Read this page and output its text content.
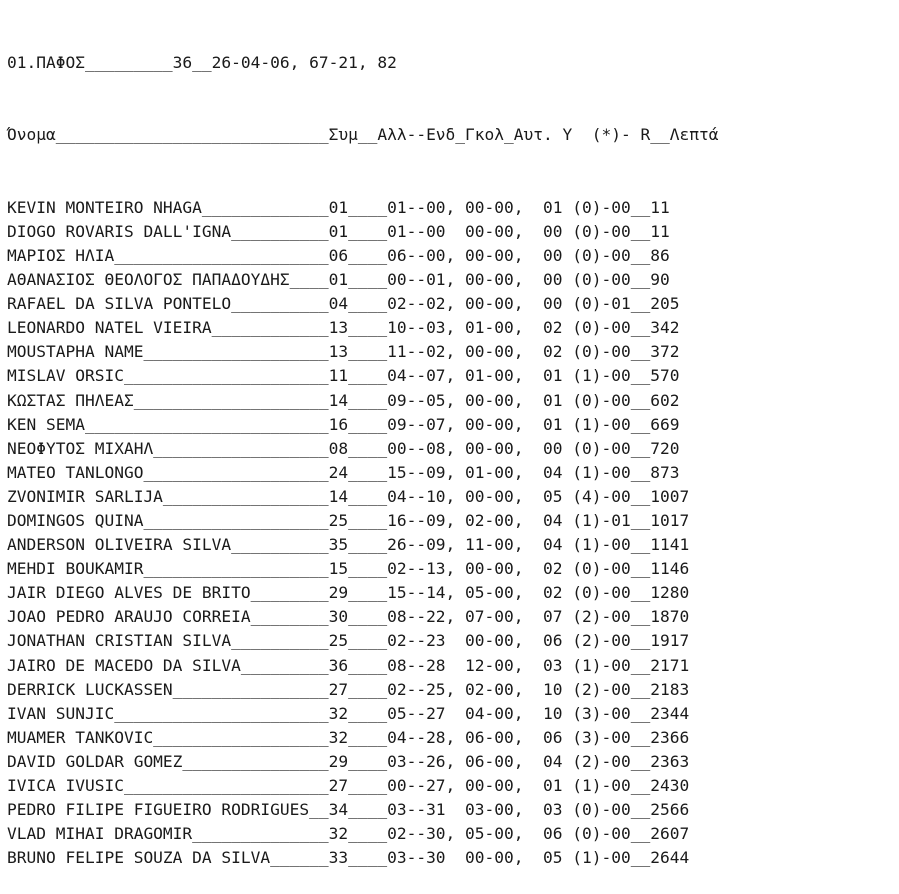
01.ΠΑΦΟΣ_________36__26-04-06, 67-21, 82

Όνομα____________________________Συμ__Αλλ--Ενδ_Γκολ_Αυτ. Υ  (*)- R__Λεπτά

KEVIN MONTEIRO NHAGA_____________01____01--00, 00-00,  01 (0)-00__11
DIOGO ROVARIS DALL'IGNA__________01____01--00  00-00,  00 (0)-00__11
ΜΑΡΙΟΣ ΗΛΙΑ______________________06____06--00, 00-00,  00 (0)-00__86
ΑΘΑΝΑΣΙΟΣ ΘΕΟΛΟΓΟΣ ΠΑΠΑΔΟΥΔΗΣ____01____00--01, 00-00,  00 (0)-00__90
RAFAEL DA SILVA PONTELO__________04____02--02, 00-00,  00 (0)-01__205
LEONARDO NATEL VIEIRA____________13____10--03, 01-00,  02 (0)-00__342
MOUSTAPHA NAME___________________13____11--02, 00-00,  02 (0)-00__372
MISLAV ORSIC_____________________11____04--07, 01-00,  01 (1)-00__570
ΚΩΣΤΑΣ ΠΗΛΕΑΣ____________________14____09--05, 00-00,  01 (0)-00__602
KEN SEMA_________________________16____09--07, 00-00,  01 (1)-00__669
ΝΕΟΦΥΤΟΣ ΜΙΧΑΗΛ__________________08____00--08, 00-00,  00 (0)-00__720
MATEO TANLONGO___________________24____15--09, 01-00,  04 (1)-00__873
ZVONIMIR SARLIJA_________________14____04--10, 00-00,  05 (4)-00__1007
DOMINGOS QUINA___________________25____16--09, 02-00,  04 (1)-01__1017
ANDERSON OLIVEIRA SILVA__________35____26--09, 11-00,  04 (1)-00__1141
MEHDI BOUKAMIR___________________15____02--13, 00-00,  02 (0)-00__1146
JAIR DIEGO ALVES DE BRITO________29____15--14, 05-00,  02 (0)-00__1280
JOAO PEDRO ARAUJO CORREIA________30____08--22, 07-00,  07 (2)-00__1870
JONATHAN CRISTIAN SILVA__________25____02--23  00-00,  06 (2)-00__1917
JAIRO DE MACEDO DA SILVA_________36____08--28  12-00,  03 (1)-00__2171
DERRICK LUCKASSEN________________27____02--25, 02-00,  10 (2)-00__2183
IVAN SUNJIC______________________32____05--27  04-00,  10 (3)-00__2344
MUAMER TANKOVIC__________________32____04--28, 06-00,  06 (3)-00__2366
DAVID GOLDAR GOMEZ_______________29____03--26, 06-00,  04 (2)-00__2363
IVICA IVUSIC_____________________27____00--27, 00-00,  01 (1)-00__2430
PEDRO FILIPE FIGUEIRO RODRIGUES__34____03--31  03-00,  03 (0)-00__2566
VLAD MIHAI DRAGOMIR______________32____02--30, 05-00,  06 (0)-00__2607
BRUNO FELIPE SOUZA DA SILVA______33____03--30  00-00,  05 (1)-00__2644
